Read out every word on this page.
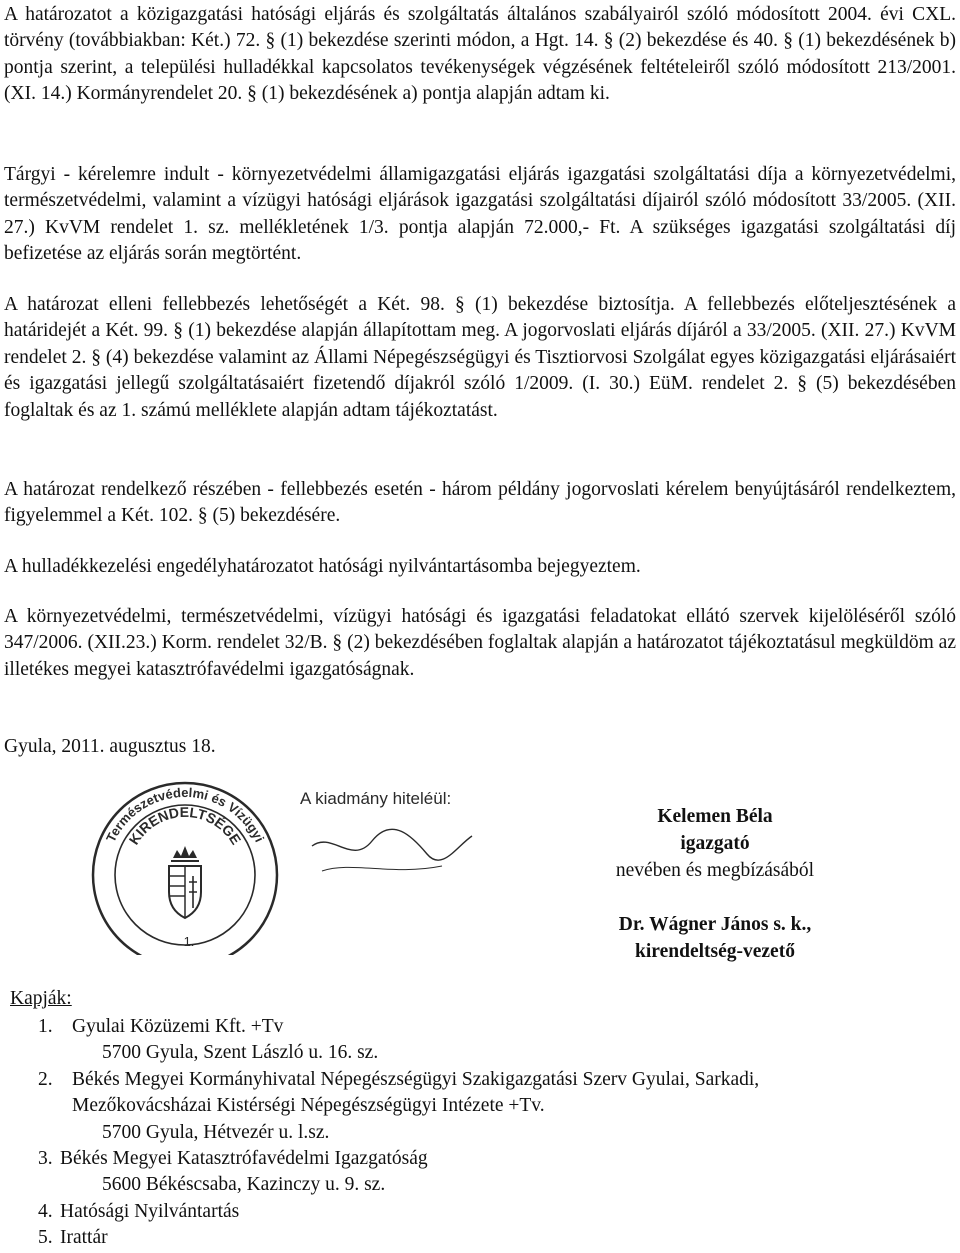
A határozatot a közigazgatási hatósági eljárás és szolgáltatás általános szabályairól szóló módosított 2004. évi CXL. törvény (továbbiakban: Két.) 72. § (1) bekezdése szerinti módon, a Hgt. 14. § (2) bekezdése és 40. § (1) bekezdésének b) pontja szerint, a települési hulladékkal kapcsolatos tevékenységek végzésének feltételeiről szóló módosított 213/2001. (XI. 14.) Kormányrendelet 20. § (1) bekezdésének a) pontja alapján adtam ki.

Tárgyi - kérelemre indult - környezetvédelmi államigazgatási eljárás igazgatási szolgáltatási díja a környezetvédelmi, természetvédelmi, valamint a vízügyi hatósági eljárások igazgatási szolgáltatási díjairól szóló módosított 33/2005. (XII. 27.) KvVM rendelet 1. sz. mellékletének 1/3. pontja alapján 72.000,- Ft. A szükséges igazgatási szolgáltatási díj befizetése az eljárás során megtörtént.

A határozat elleni fellebbezés lehetőségét a Két. 98. § (1) bekezdése biztosítja. A fellebbezés előteljesztésének a határidejét a Két. 99. § (1) bekezdése alapján állapítottam meg. A jogorvoslati eljárás díjáról a 33/2005. (XII. 27.) KvVM rendelet 2. § (4) bekezdése valamint az Állami Népegészségügyi és Tisztiorvosi Szolgálat egyes közigazgatási eljárásaiért és igazgatási jellegű szolgáltatásaiért fizetendő díjakról szóló 1/2009. (I. 30.) EüM. rendelet 2. § (5) bekezdésében foglaltak és az 1. számú melléklete alapján adtam tájékoztatást.

A határozat rendelkező részében - fellebbezés esetén - három példány jogorvoslati kérelem benyújtásáról rendelkeztem, figyelemmel a Két. 102. § (5) bekezdésére.

A hulladékkezelési engedélyhatározatot hatósági nyilvántartásomba bejegyeztem.

A környezetvédelmi, természetvédelmi, vízügyi hatósági és igazgatási feladatokat ellátó szervek kijelöléséről szóló 347/2006. (XII.23.) Korm. rendelet 32/B. § (2) bekezdésében foglaltak alapján a határozatot tájékoztatásul megküldöm az illetékes megyei katasztrófavédelmi igazgatóságnak.

Gyula, 2011. augusztus 18.
Természetvédelmi és Vízügyi
KIRENDELTSÉGE
1.
A kiadmány hiteléül:
Kelemen Béla
igazgató
nevében és megbízásából
Dr. Wágner János s. k.,
kirendeltség-vezető
Kapják:
1. Gyulai Közüzemi Kft. +Tv
5700 Gyula, Szent László u. 16. sz.
2. Békés Megyei Kormányhivatal Népegészségügyi Szakigazgatási Szerv Gyulai, Sarkadi,
Mezőkovácsházai Kistérségi Népegészségügyi Intézete +Tv.
5700 Gyula, Hétvezér u. l.sz.
3. Békés Megyei Katasztrófavédelmi Igazgatóság
5600 Békéscsaba, Kazinczy u. 9. sz.
4. Hatósági Nyilvántartás
5. Irattár
